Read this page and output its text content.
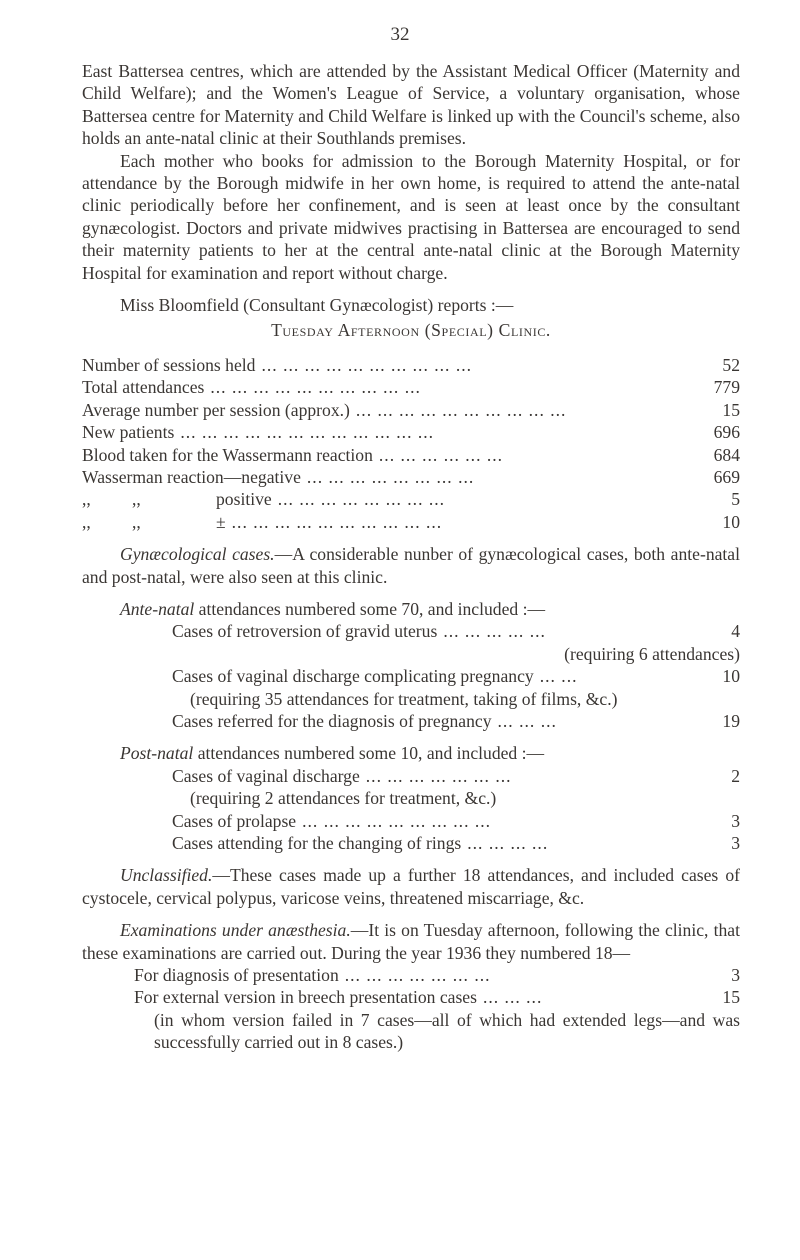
32

East Battersea centres, which are attended by the Assistant Medical Officer (Maternity and Child Welfare); and the Women's League of Service, a voluntary organisation, whose Battersea centre for Maternity and Child Welfare is linked up with the Council's scheme, also holds an ante-natal clinic at their Southlands premises.

Each mother who books for admission to the Borough Maternity Hospital, or for attendance by the Borough midwife in her own home, is required to attend the ante-natal clinic periodically before her confinement, and is seen at least once by the consultant gynæcologist. Doctors and private midwives practising in Battersea are encouraged to send their maternity patients to her at the central ante-natal clinic at the Borough Maternity Hospital for examination and report without charge.

Miss Bloomfield (Consultant Gynæcologist) reports :—

Tuesday Afternoon (Special) Clinic.

Number of sessions held ... ... ... ... ... ... ... ... ... ...	52
Total attendances ... ... ... ... ... ... ... ... ... ...	779
Average number per session (approx.) ... ... ... ... ... ... ... ... ... ...	15
New patients ... ... ... ... ... ... ... ... ... ... ... ...	696
Blood taken for the Wassermann reaction ... ... ... ... ... ...	684
Wasserman reaction—negative ... ... ... ... ... ... ... ...	669
,, ,,	positive ... ... ... ... ... ... ... ...	5
,, ,,	± ... ... ... ... ... ... ... ... ... ...	10

Gynæcological cases.—A considerable nunber of gynæcological cases, both ante-natal and post-natal, were also seen at this clinic.

Ante-natal attendances numbered some 70, and included :—

Cases of retroversion of gravid uterus ... ... ... ... ...	4

(requiring 6 attendances)

Cases of vaginal discharge complicating pregnancy ... ...	10

(requiring 35 attendances for treatment, taking of films, &c.)

Cases referred for the diagnosis of pregnancy ... ... ...	19

Post-natal attendances numbered some 10, and included :—

Cases of vaginal discharge ... ... ... ... ... ... ...	2

(requiring 2 attendances for treatment, &c.)

Cases of prolapse ... ... ... ... ... ... ... ... ...	3
Cases attending for the changing of rings ... ... ... ...	3

Unclassified.—These cases made up a further 18 attendances, and included cases of cystocele, cervical polypus, varicose veins, threatened miscarriage, &c.

Examinations under anæsthesia.—It is on Tuesday afternoon, following the clinic, that these examinations are carried out. During the year 1936 they numbered 18—

For diagnosis of presentation ... ... ... ... ... ... ...	3
For external version in breech presentation cases ... ... ...	15

(in whom version failed in 7 cases—all of which had extended legs—and was successfully carried out in 8 cases.)
